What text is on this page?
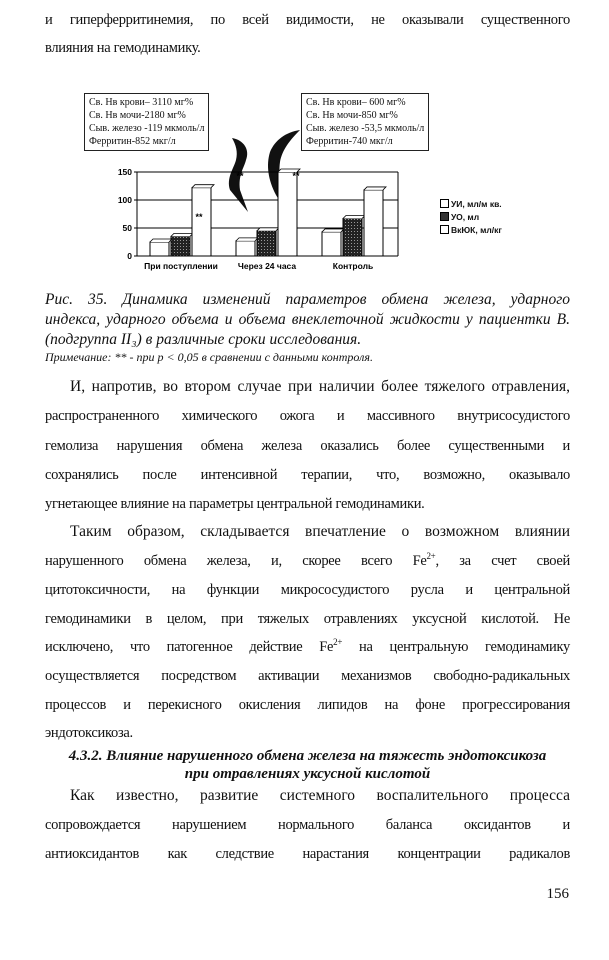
и гиперферритинемия, по всей видимости, не оказывали существенного
влияния на гемодинамику.
Св. Нв крови– 3110 мг%
Св. Нв мочи-2180 мг%
Сыв. железо -119 мкмоль/л
Ферритин-852 мкг/л
Св. Нв крови– 600 мг%
Св. Нв мочи-850 мг%
Сыв. железо -53,5 мкмоль/л
Ферритин-740 мкг/л
0
50
100
150
При поступлении Через 24 часа	Контроль
**
**	**
УИ, мл/м кв.
УО, мл
ВкЮК, мл/кг
Рис. 35. Динамика изменений параметров обмена железа, ударного
индекса, ударного объема и объема внеклеточной жидкости у пациентки В.
(подгруппа II₃) в различные сроки исследования.
Примечание: ** - при р < 0,05 в сравнении с данными контроля.
И, напротив, во втором случае при наличии более тяжелого отравления,
распространенного химического ожога и массивного внутрисосудистого
гемолиза нарушения обмена железа оказались более существенными и
сохранялись после интенсивной терапии, что, возможно, оказывало
угнетающее влияние на параметры центральной гемодинамики.
Таким образом, складывается впечатление о возможном влиянии
нарушенного обмена железа, и, скорее всего $Fe^{2+}$, за счет своей
цитотоксичности, на функции микрососудистого русла и центральной
гемодинамики в целом, при тяжелых отравлениях уксусной кислотой. Не
исключено, что патогенное действие $Fe^{2+}$ на центральную гемодинамику
осуществляется посредством активации механизмов свободно-радикальных
процессов и перекисного окисления липидов на фоне прогрессирования
эндотоксикоза.
4.3.2. Влияние нарушенного обмена железа на тяжесть эндотоксикоза
при отравлениях уксусной кислотой
Как известно, развитие системного воспалительного процесса
сопровождается нарушением нормального баланса оксидантов и
антиоксидантов как следствие нарастания концентрации радикалов
156
